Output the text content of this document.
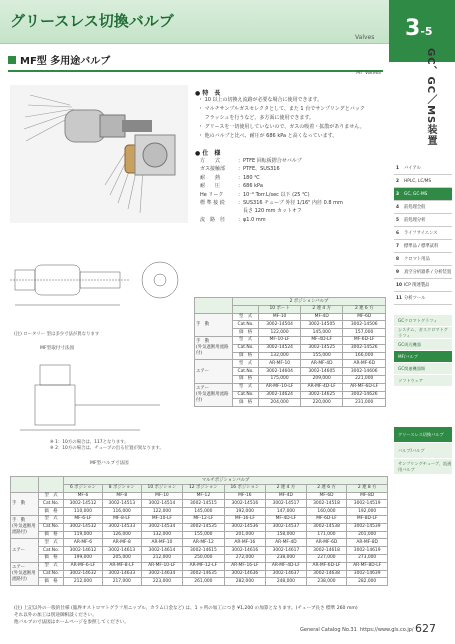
グリースレス切換バルブ
Valves	3-5
GC、GC／MS装置
MF型 多用途バルブ
MF Valves
● 特　長
・ 10 以上の切換え流路が必要な場合に使用できます。
・ マルチサンプルガスセレクタとして、また 1 台でサンプリングとバック
　 フラッシュを行うなど、多方面に使用できます。
・ グリースを一切使用していないので、ガスの吸着・拡散がありません。
・ 他のバルブと比べ、耐圧が 686 kPa と高くなっています。
● 仕　様
方　　式	：PTFE 回転板摺合せバルブ
ガス接触部	：PTFE、SUS316
耐　　熱	：180 ℃
耐　　圧	：686 kPa
He リーク	：10⁻⁶ Torr.L/sec 以下 (25 ℃)
標 準 接 続	：SUS316 チューブ 外径 1/16" 内径 0.8 mm
　長さ 120 mm カットオフ
流　路　径	：φ1.0 mm
(注) ロータリー 型は多少寸法が異なります
MF型取付寸法図
※ 1：10方の場合は、117となります。
※ 2：10方の場合は、チューブの出る位置が異なります。
MF型バルブ寸法図
	2 ポジションバルブ			
		10 ポート	2 連 4 方	2 連 6 方
手　動	型　式	MF-10	MF-4D	MF-6D
	Cat.No.	3002-14504	3002-14505	3002-14506
	価　格	122,000	145,000	157,000
手　動
(外気遮断用流路付)	型　式	MF-10-LF	MF-4D-LF	MF-6D-LF
	Cat.No.	3002-14524	3002-14525	3002-14526
	価　格	132,000	155,000	166,000
エアー	型　式	AR-MF-10	AR-MF-4D	AR-MF-6D
	Cat.No.	3002-14604	3002-14605	3002-14606
	価　格	175,000	209,000	221,000
エアー
(外気遮断用流路付)	型　式	AR-MF-10-LF	AR-MF-4D-LF	AR-MF-6D-LF
	Cat.No.	3002-14624	3002-14625	3002-14626
	価　格	204,000	220,000	231,000
		マルチポジションバルブ							
		6 ポジション	8 ポジション	10 ポジション	12 ポジション	16 ポジション	2 連 4 方	2 連 6 方	2 連 8 方
手　動	型　式	MF-6	MF-8	MF-10	MF-12	MF-16	MF-4D	MF-6D	MF-8D
	Cat.No.	3002-14512	3002-14513	3002-14514	3002-14515	3002-14516	3002-14517	3002-14518	3002-14519
	価　格	110,000	116,000	122,000	145,000	192,000	147,000	160,000	192,000
手　動
(外気遮断用流路付)	型　式	MF-6-LF	MF-8-LF	MF-10-LF	MF-12-LF	MF-16-LF	MF-4D-LF	MF-6D-LF	MF-8D-LF
	Cat.No.	3002-14532	3002-14533	3002-14534	3002-14535	3002-14536	3002-14537	3002-14538	3002-14539
	価　格	119,000	126,000	132,000	155,000	201,000	158,000	171,000	201,000
エアー	型　式	AR-MF-6	AR-MF-8	AR-MF-10	AR-MF-12	AR-MF-16	AR-MF-4D	AR-MF-6D	AR-MF-8D
	Cat.No.	3002-14612	3002-14613	3002-14614	3002-14615	3002-14616	3002-14617	3002-14618	3002-14619
	価　格	199,000	205,000	212,000	250,000	272,000	238,000	227,000	273,000
エアー
(外気遮断用流路付)	型　式	AR-MF-6-LF	AR-MF-8-LF	AR-MF-10-LF	AR-MF-12-LF	AR-MF-16-LF	AR-MF-4D-LF	AR-MF-6D-LF	AR-MF-8D-LF
	Cat.No.	3002-14632	3002-14633	3002-14634	3002-14635	3002-14636	3002-14637	3002-14638	3002-14639
	価　格	212,000	217,000	223,000	261,000	282,000	248,000	238,000	282,000
(注) 上記以外の一般的仕様 (臨界オストロマトグラフ用ニップル、カラム口金など) は、1 ヶ所の加工につき ¥1,200 の加算となります。(チューブ長さ 標準 260 mm)
それ以外の加工は別途御相談ください。
他バルブの寸法図はホームページを参照してください。
1	バイアル
2	HPLC, LC/MS
3	GC, GC-MS
4	前処理全般
5	前処理分析
6	ライフサイエンス
7	標準品 / 標準試料
8	クロマト用品
9	真空分析器系 / 分析装置
10 ICP 関連製品
11 分析ツール
GCクロマトグラフィ
システム、ガスクロマトグラフィ
GC周辺機器
MF/バルブ
GC関連機器類
ソフトウェア
グリースレス切換バルブ
バルブ/バルブ
サンプリングチューブ、流通用バルブ
General Catalog No.31 https://www.gls.co.jp/ 627
